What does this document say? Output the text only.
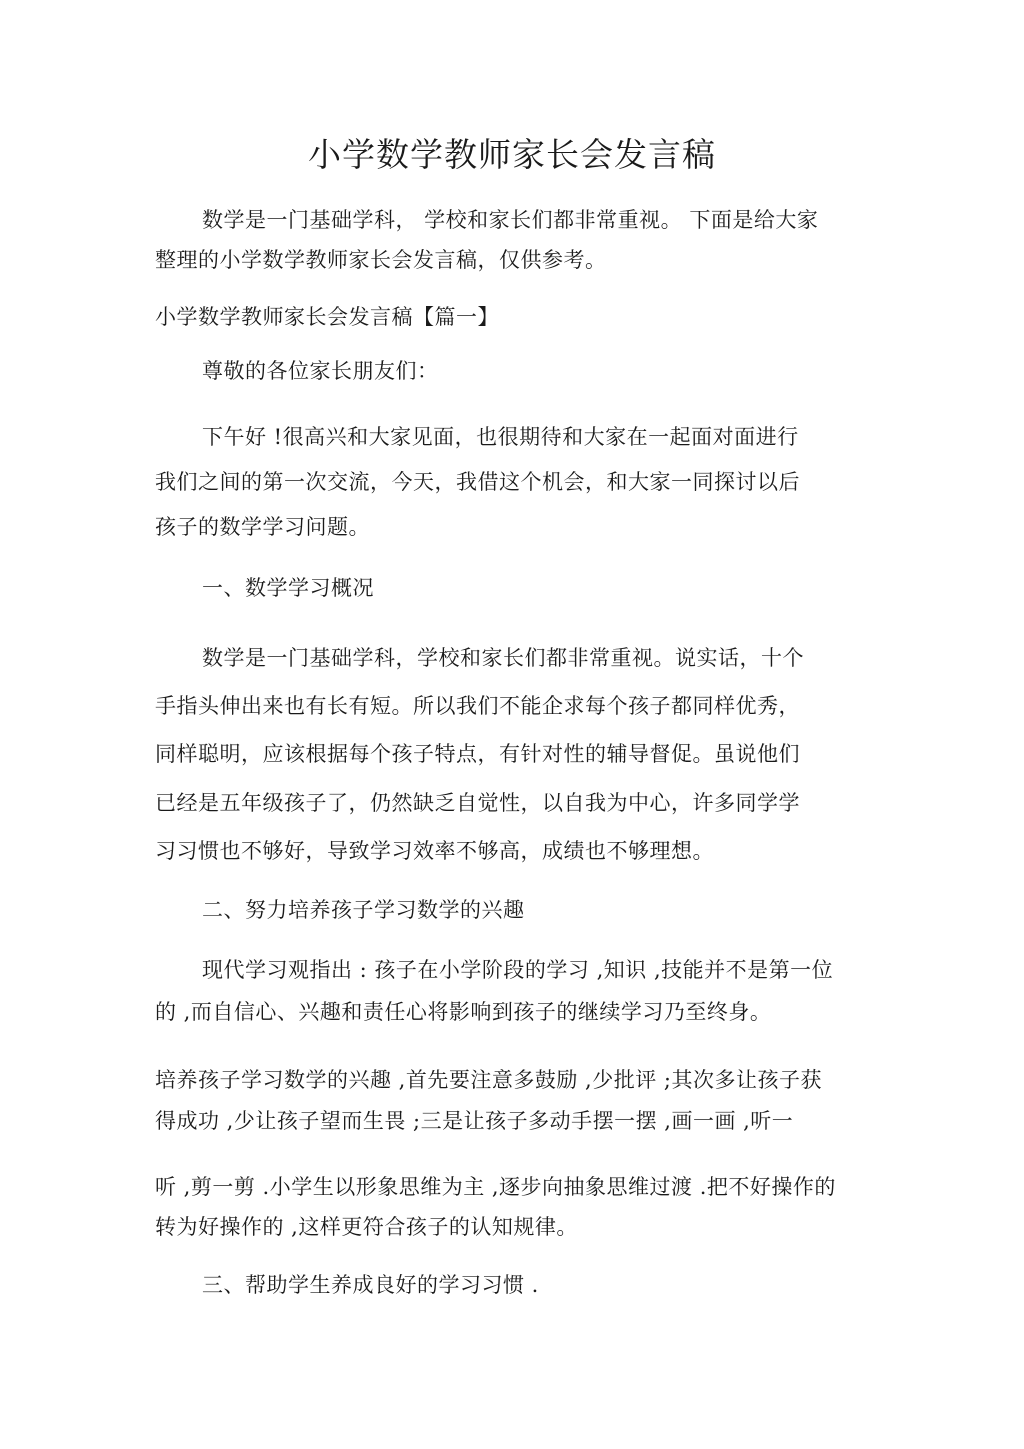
小学数学教师家长会发言稿
数学是一门基础学科， 学校和家长们都非常重视。 下面是给大家
整理的小学数学教师家长会发言稿，仅供参考。
小学数学教师家长会发言稿【篇一】
尊敬的各位家长朋友们：
下午好 !很高兴和大家见面，也很期待和大家在一起面对面进行
我们之间的第一次交流，今天，我借这个机会，和大家一同探讨以后
孩子的数学学习问题。
一、数学学习概况
数学是一门基础学科，学校和家长们都非常重视。说实话，十个
手指头伸出来也有长有短。所以我们不能企求每个孩子都同样优秀，
同样聪明，应该根据每个孩子特点，有针对性的辅导督促。虽说他们
已经是五年级孩子了，仍然缺乏自觉性，以自我为中心，许多同学学
习习惯也不够好，导致学习效率不够高，成绩也不够理想。
二、努力培养孩子学习数学的兴趣
现代学习观指出 : 孩子在小学阶段的学习 ,知识 ,技能并不是第一位
的 ,而自信心、兴趣和责任心将影响到孩子的继续学习乃至终身。
培养孩子学习数学的兴趣 ,首先要注意多鼓励 ,少批评 ;其次多让孩子获
得成功 ,少让孩子望而生畏 ;三是让孩子多动手摆一摆 ,画一画 ,听一
听 ,剪一剪 .小学生以形象思维为主 ,逐步向抽象思维过渡 .把不好操作的
转为好操作的 ,这样更符合孩子的认知规律。
三、帮助学生养成良好的学习习惯 .
